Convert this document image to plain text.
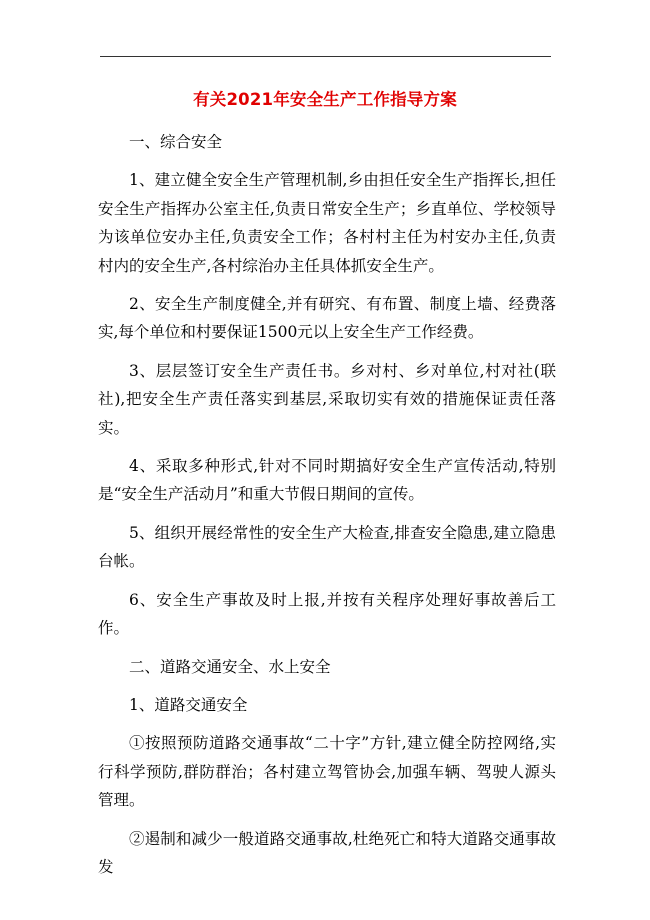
有关2021年安全生产工作指导方案

一、综合安全

1、建立健全安全生产管理机制,乡由担任安全生产指挥长,担任安全生产指挥办公室主任,负责日常安全生产；乡直单位、学校领导为该单位安办主任,负责安全工作；各村村主任为村安办主任,负责村内的安全生产,各村综治办主任具体抓安全生产。

2、安全生产制度健全,并有研究、有布置、制度上墙、经费落实,每个单位和村要保证1500元以上安全生产工作经费。

3、层层签订安全生产责任书。乡对村、乡对单位,村对社(联社),把安全生产责任落实到基层,采取切实有效的措施保证责任落实。

4、采取多种形式,针对不同时期搞好安全生产宣传活动,特别是“安全生产活动月”和重大节假日期间的宣传。

5、组织开展经常性的安全生产大检查,排查安全隐患,建立隐患台帐。

6、安全生产事故及时上报,并按有关程序处理好事故善后工作。

二、道路交通安全、水上安全

1、道路交通安全

①按照预防道路交通事故“二十字”方针,建立健全防控网络,实行科学预防,群防群治；各村建立驾管协会,加强车辆、驾驶人源头管理。

②遏制和减少一般道路交通事故,杜绝死亡和特大道路交通事故发
